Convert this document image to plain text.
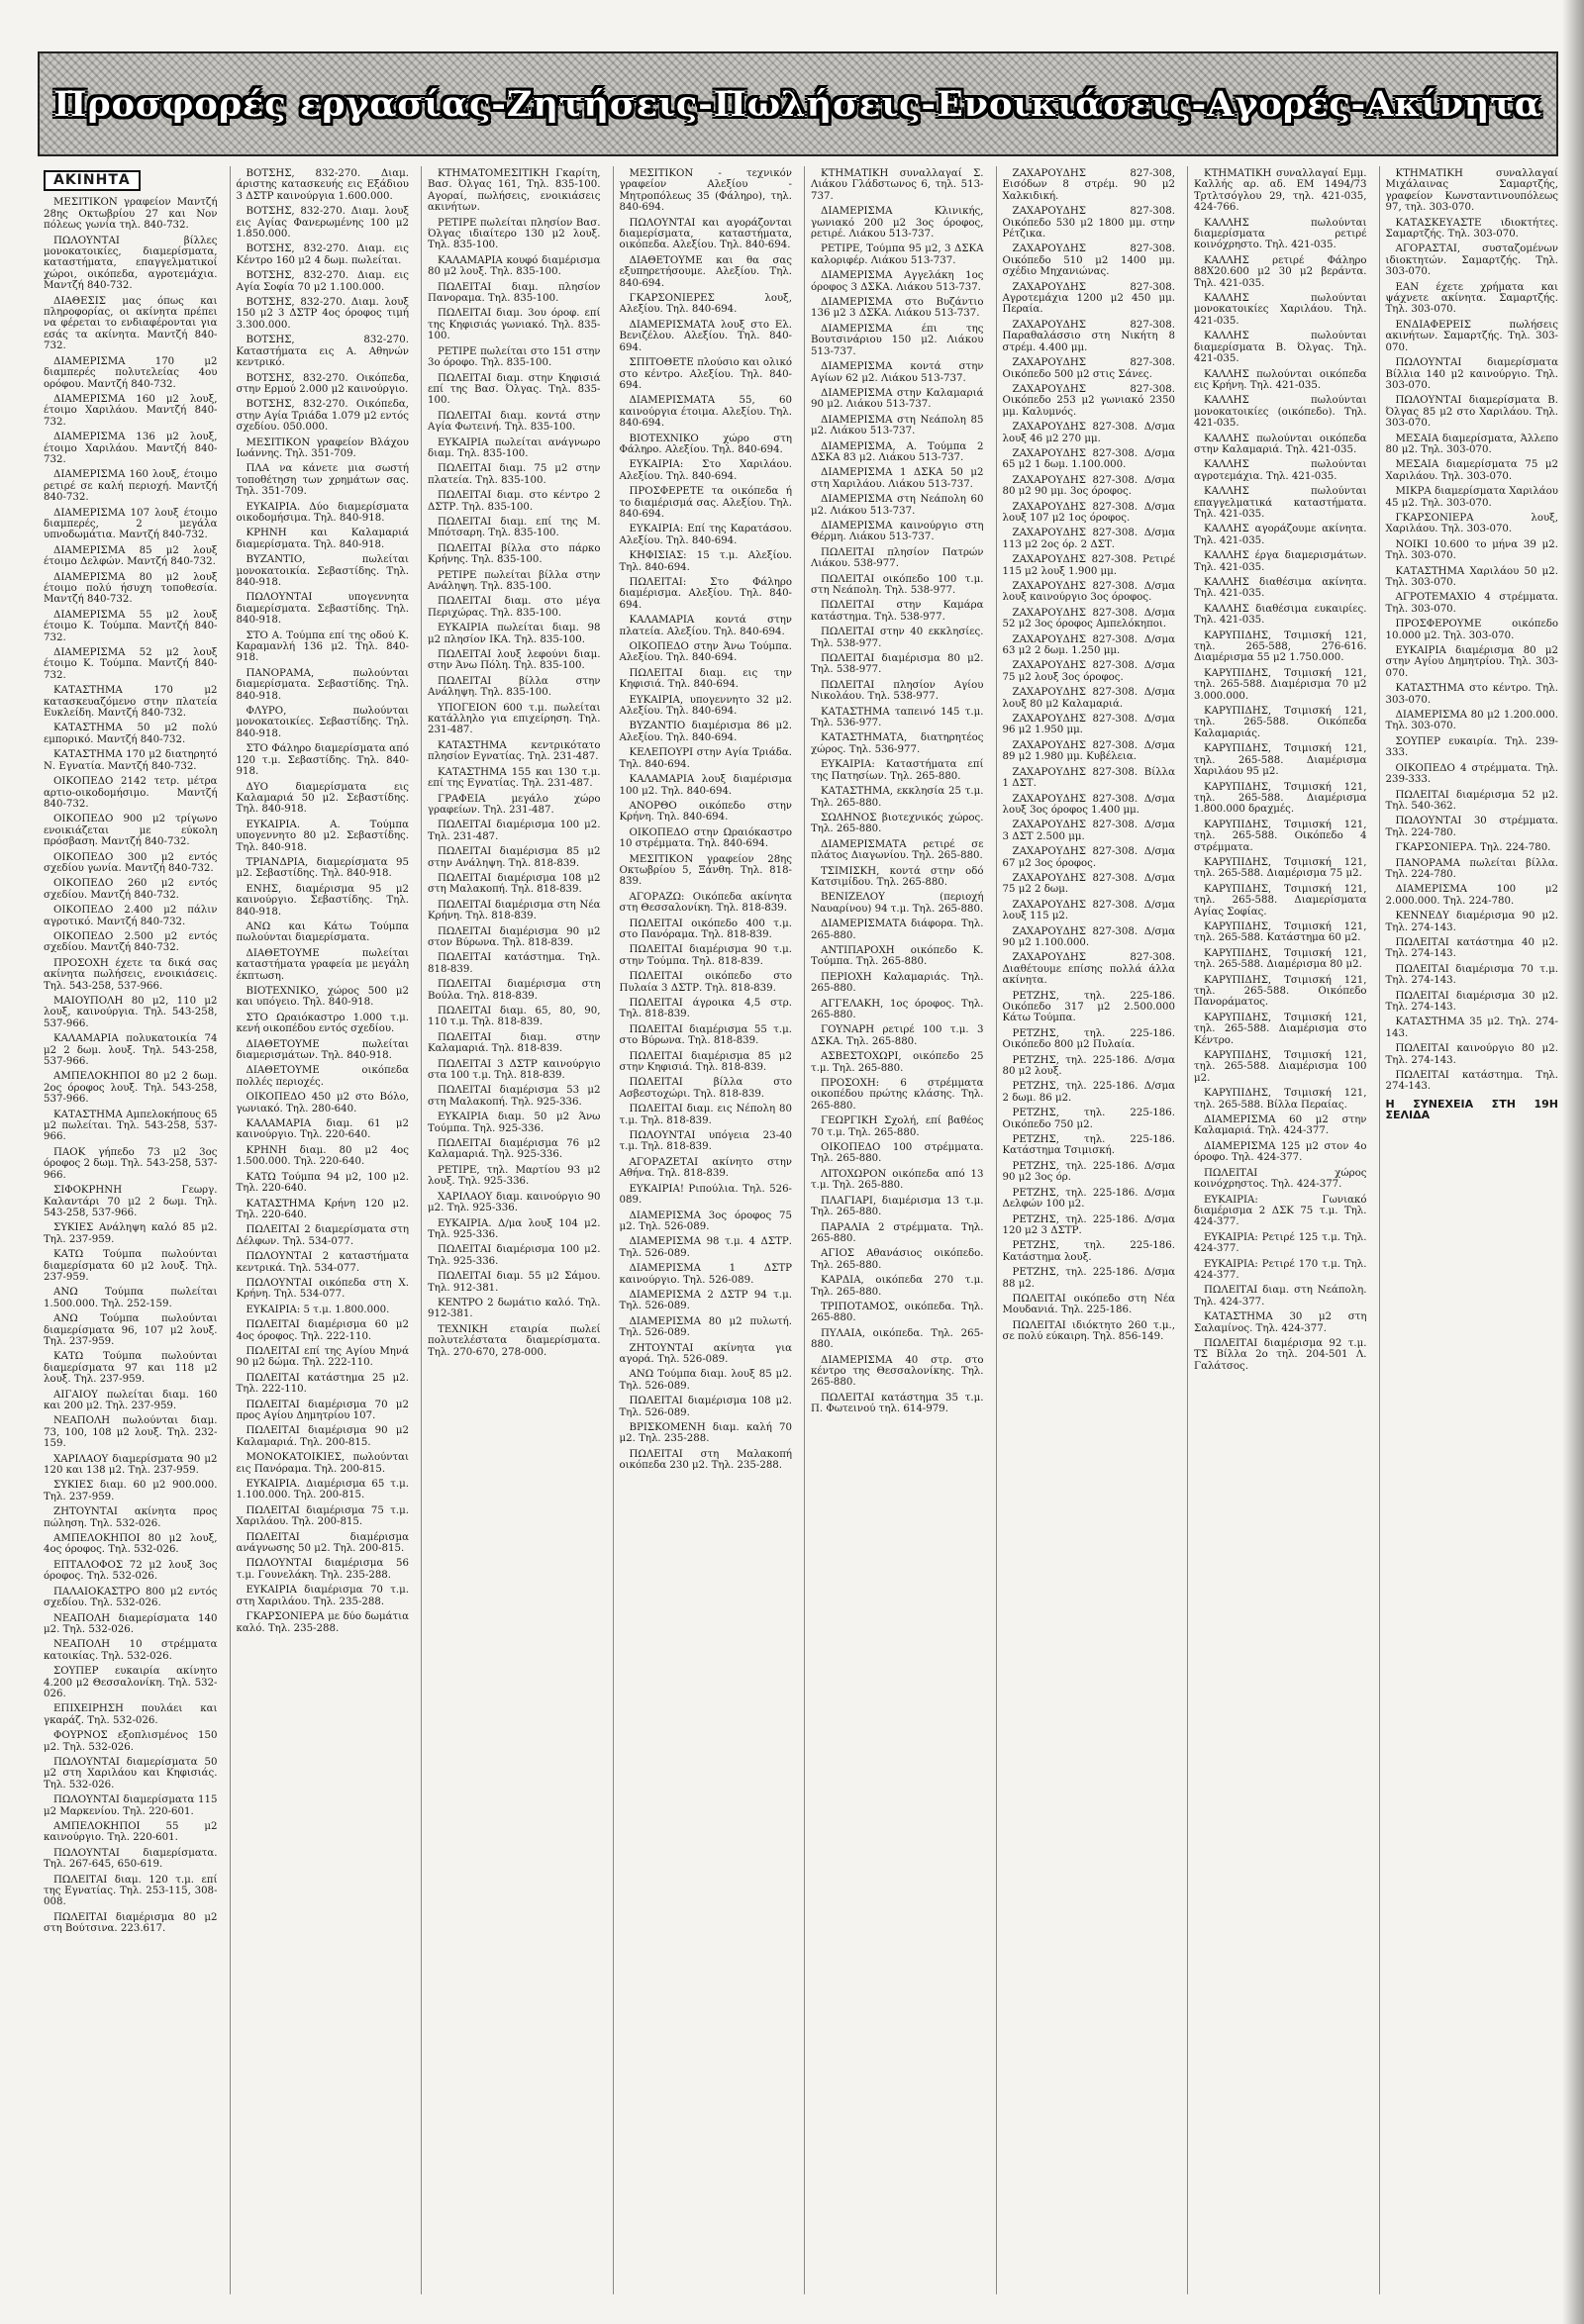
Προσφορές εργασίας-Ζητήσεις-Πωλήσεις-Ενοικιάσεις-Αγορές-Ακίνητα
ΑΚΙΝΗΤΑ

ΜΕΣΙΤΙΚΟΝ γραφείον Μαντζή 28ης Οκτωβρίου 27 και Νον πόλεως γωνία τηλ. 840-732.

ΠΩΛΟΥΝΤΑΙ βίλλες μονοκατοικίες, διαμερίσματα, καταστήματα, επαγγελματικοί χώροι, οικόπεδα, αγροτεμάχια. Μαντζή 840-732.

ΔΙΑΘΕΣΙΣ μας όπως και πληροφορίας, οι ακίνητα πρέπει να φέρεται το ενδιαφέρονται για εσάς τα ακίνητα. Μαντζή 840-732.

ΔΙΑΜΕΡΙΣΜΑ 170 μ2 διαμπερές πολυτελείας 4ου ορόφου. Μαντζή 840-732.

ΔΙΑΜΕΡΙΣΜΑ 160 μ2 λουξ, έτοιμο Χαριλάου. Μαντζή 840-732.

ΔΙΑΜΕΡΙΣΜΑ 136 μ2 λουξ, έτοιμο Χαριλάου. Μαντζή 840-732.

ΔΙΑΜΕΡΙΣΜΑ 160 λουξ, έτοιμο ρετιρέ σε καλή περιοχή. Μαντζή 840-732.

ΔΙΑΜΕΡΙΣΜΑ 107 λουξ έτοιμο διαμπερές, 2 μεγάλα υπνοδωμάτια. Μαντζή 840-732.

ΔΙΑΜΕΡΙΣΜΑ 85 μ2 λουξ έτοιμο Δελφών. Μαντζή 840-732.

ΔΙΑΜΕΡΙΣΜΑ 80 μ2 λουξ έτοιμο πολύ ήσυχη τοποθεσία. Μαντζή 840-732.

ΔΙΑΜΕΡΙΣΜΑ 55 μ2 λουξ έτοιμο Κ. Τούμπα. Μαντζή 840-732.

ΔΙΑΜΕΡΙΣΜΑ 52 μ2 λουξ έτοιμο Κ. Τούμπα. Μαντζή 840-732.

ΚΑΤΑΣΤΗΜΑ 170 μ2 κατασκευαζόμενο στην πλατεία Ευκλείδη. Μαντζή 840-732.

ΚΑΤΑΣΤΗΜΑ 50 μ2 πολύ εμπορικό. Μαντζή 840-732.

ΚΑΤΑΣΤΗΜΑ 170 μ2 διατηρητό Ν. Εγνατία. Μαντζή 840-732.

ΟΙΚΟΠΕΔΟ 2142 τετρ. μέτρα αρτιο-οικοδομήσιμο. Μαντζή 840-732.

ΟΙΚΟΠΕΔΟ 900 μ2 τρίγωνο ενοικιάζεται με εύκολη πρόσβαση. Μαντζή 840-732.

ΟΙΚΟΠΕΔΟ 300 μ2 εντός σχεδίου γωνία. Μαντζή 840-732.

ΟΙΚΟΠΕΔΟ 260 μ2 εντός σχεδίου. Μαντζή 840-732.

ΟΙΚΟΠΕΔΟ 2.400 μ2 πάλιν αγροτικό. Μαντζή 840-732.

ΟΙΚΟΠΕΔΟ 2.500 μ2 εντός σχεδίου. Μαντζή 840-732.

ΠΡΟΣΟΧΗ έχετε τα δικά σας ακίνητα πωλήσεις, ενοικιάσεις. Τηλ. 543-258, 537-966.

ΜΑΙΟΥΠΟΛΗ 80 μ2, 110 μ2 λουξ, καινούργια. Τηλ. 543-258, 537-966.

ΚΑΛΑΜΑΡΙΑ πολυκατοικία 74 μ2 2 δωμ. λουξ. Τηλ. 543-258, 537-966.

ΑΜΠΕΛΟΚΗΠΟΙ 80 μ2 2 δωμ. 2ος όροφος λουξ. Τηλ. 543-258, 537-966.

ΚΑΤΑΣΤΗΜΑ Αμπελοκήπους 65 μ2 πωλείται. Τηλ. 543-258, 537-966.

ΠΑΟΚ γήπεδο 73 μ2 3ος όροφος 2 δωμ. Τηλ. 543-258, 537-966.

ΣΙΦΟΚΡΗΝΗ Γεωργ. Καλαντάρι 70 μ2 2 δωμ. Τηλ. 543-258, 537-966.

ΣΥΚΙΕΣ Ανάληψη καλό 85 μ2. Τηλ. 237-959.

ΚΑΤΩ Τούμπα πωλούνται διαμερίσματα 60 μ2 λουξ. Τηλ. 237-959.

ΑΝΩ Τούμπα πωλείται 1.500.000. Τηλ. 252-159.

ΑΝΩ Τούμπα πωλούνται διαμερίσματα 96, 107 μ2 λουξ. Τηλ. 237-959.

ΚΑΤΩ Τούμπα πωλούνται διαμερίσματα 97 και 118 μ2 λουξ. Τηλ. 237-959.

ΑΙΓΑΙΟΥ πωλείται διαμ. 160 και 200 μ2. Τηλ. 237-959.

ΝΕΑΠΟΛΗ πωλούνται διαμ. 73, 100, 108 μ2 λουξ. Τηλ. 232-159.

ΧΑΡΙΛΑΟΥ διαμερίσματα 90 μ2 120 και 138 μ2. Τηλ. 237-959.

ΣΥΚΙΕΣ διαμ. 60 μ2 900.000. Τηλ. 237-959.

ΖΗΤΟΥΝΤΑΙ ακίνητα προς πώληση. Τηλ. 532-026.

ΑΜΠΕΛΟΚΗΠΟΙ 80 μ2 λουξ, 4ος όροφος. Τηλ. 532-026.

ΕΠΤΑΛΟΦΟΣ 72 μ2 λουξ 3ος όροφος. Τηλ. 532-026.

ΠΑΛΑΙΟΚΑΣΤΡΟ 800 μ2 εντός σχεδίου. Τηλ. 532-026.

ΝΕΑΠΟΛΗ διαμερίσματα 140 μ2. Τηλ. 532-026.

ΝΕΑΠΟΛΗ 10 στρέμματα κατοικίας. Τηλ. 532-026.

ΣΟΥΠΕΡ ευκαιρία ακίνητο 4.200 μ2 Θεσσαλονίκη. Τηλ. 532-026.

ΕΠΙΧΕΙΡΗΣΗ πουλάει και γκαράζ. Τηλ. 532-026.

ΦΟΥΡΝΟΣ εξοπλισμένος 150 μ2. Τηλ. 532-026.

ΠΩΛΟΥΝΤΑΙ διαμερίσματα 50 μ2 στη Χαριλάου και Κηφισιάς. Τηλ. 532-026.

ΠΩΛΟΥΝΤΑΙ διαμερίσματα 115 μ2 Μαρκενίου. Τηλ. 220-601.

ΑΜΠΕΛΟΚΗΠΟΙ 55 μ2 καινούργιο. Τηλ. 220-601.

ΠΩΛΟΥΝΤΑΙ διαμερίσματα. Τηλ. 267-645, 650-619.

ΠΩΛΕΙΤΑΙ διαμ. 120 τ.μ. επί της Εγνατίας. Τηλ. 253-115, 308-008.

ΠΩΛΕΙΤΑΙ διαμέρισμα 80 μ2 στη Βούτσινα. 223.617.

ΒΟΤΣΗΣ, 832-270. Διαμ. άριστης κατασκευής εις Εξάδιου 3 ΔΣΤΡ καινούργια 1.600.000.

ΒΟΤΣΗΣ, 832-270. Διαμ. λουξ εις Αγίας Φανερωμένης 100 μ2 1.850.000.

ΒΟΤΣΗΣ, 832-270. Διαμ. εις Κέντρο 160 μ2 4 δωμ. πωλείται.

ΒΟΤΣΗΣ, 832-270. Διαμ. εις Αγία Σοφία 70 μ2 1.100.000.

ΒΟΤΣΗΣ, 832-270. Διαμ. λουξ 150 μ2 3 ΔΣΤΡ 4ος όροφος τιμή 3.300.000.

ΒΟΤΣΗΣ, 832-270. Καταστήματα εις Α. Αθηνών κεντρικό.

ΒΟΤΣΗΣ, 832-270. Οικόπεδα, στην Ερμού 2.000 μ2 καινούργιο.

ΒΟΤΣΗΣ, 832-270. Οικόπεδα, στην Αγία Τριάδα 1.079 μ2 εντός σχεδίου. 050.000.

ΜΕΣΙΤΙΚΟΝ γραφείον Βλάχου Ιωάννης. Τηλ. 351-709.

ΠΛΑ να κάνετε μια σωστή τοποθέτηση των χρημάτων σας. Τηλ. 351-709.

ΕΥΚΑΙΡΙΑ. Δύο διαμερίσματα οικοδομήσιμα. Τηλ. 840-918.

ΚΡΗΝΗ και Καλαμαριά διαμερίσματα. Τηλ. 840-918.

ΒΥΖΑΝΤΙΟ, πωλείται μονοκατοικία. Σεβαστίδης. Τηλ. 840-918.

ΠΩΛΟΥΝΤΑΙ υπογεννητα διαμερίσματα. Σεβαστίδης. Τηλ. 840-918.

ΣΤΟ Α. Τούμπα επί της οδού Κ. Καραμανλή 136 μ2. Τηλ. 840-918.

ΠΑΝΟΡΑΜΑ, πωλούνται διαμερίσματα. Σεβαστίδης. Τηλ. 840-918.

ΦΛΥΡΟ, πωλούνται μονοκατοικίες. Σεβαστίδης. Τηλ. 840-918.

ΣΤΟ Φάληρο διαμερίσματα από 120 τ.μ. Σεβαστίδης. Τηλ. 840-918.

ΔΥΟ διαμερίσματα εις Καλαμαριά 50 μ2. Σεβαστίδης. Τηλ. 840-918.

ΕΥΚΑΙΡΙΑ. Α. Τούμπα υπογεννητο 80 μ2. Σεβαστίδης. Τηλ. 840-918.

ΤΡΙΑΝΔΡΙΑ, διαμερίσματα 95 μ2. Σεβαστίδης. Τηλ. 840-918.

ΕΝΗΣ, διαμέρισμα 95 μ2 καινούργιο. Σεβαστίδης. Τηλ. 840-918.

ΑΝΩ και Κάτω Τούμπα πωλούνται διαμερίσματα.

ΔΙΑΘΕΤΟΥΜΕ πωλείται καταστήματα γραφεία με μεγάλη έκπτωση.

ΒΙΟΤΕΧΝΙΚΟ, χώρος 500 μ2 και υπόγειο. Τηλ. 840-918.

ΣΤΟ Ωραιόκαστρο 1.000 τ.μ. κενή οικοπέδου εντός σχεδίου.

ΔΙΑΘΕΤΟΥΜΕ πωλείται διαμερισμάτων. Τηλ. 840-918.

ΔΙΑΘΕΤΟΥΜΕ οικόπεδα πολλές περιοχές.

ΟΙΚΟΠΕΔΟ 450 μ2 στο Βόλο, γωνιακό. Τηλ. 280-640.

ΚΑΛΑΜΑΡΙΑ διαμ. 61 μ2 καινούργιο. Τηλ. 220-640.

ΚΡΗΝΗ διαμ. 80 μ2 4ος 1.500.000. Τηλ. 220-640.

ΚΑΤΩ Τούμπα 94 μ2, 100 μ2. Τηλ. 220-640.

ΚΑΤΑΣΤΗΜΑ Κρήνη 120 μ2. Τηλ. 220-640.

ΠΩΛΕΙΤΑΙ 2 διαμερίσματα στη Δέλφων. Τηλ. 534-077.

ΠΩΛΟΥΝΤΑΙ 2 καταστήματα κεντρικά. Τηλ. 534-077.

ΠΩΛΟΥΝΤΑΙ οικόπεδα στη Χ. Κρήνη. Τηλ. 534-077.

ΕΥΚΑΙΡΙΑ: 5 τ.μ. 1.800.000.

ΠΩΛΕΙΤΑΙ διαμέρισμα 60 μ2 4ος όροφος. Τηλ. 222-110.

ΠΩΛΕΙΤΑΙ επί της Αγίου Μηνά 90 μ2 δώμα. Τηλ. 222-110.

ΠΩΛΕΙΤΑΙ κατάστημα 25 μ2. Τηλ. 222-110.

ΠΩΛΕΙΤΑΙ διαμέρισμα 70 μ2 προς Αγίου Δημητρίου 107.

ΠΩΛΕΙΤΑΙ διαμέρισμα 90 μ2 Καλαμαριά. Τηλ. 200-815.

ΜΟΝΟΚΑΤΟΙΚΙΕΣ, πωλούνται εις Πανόραμα. Τηλ. 200-815.

ΕΥΚΑΙΡΙΑ. Διαμέρισμα 65 τ.μ. 1.100.000. Τηλ. 200-815.

ΠΩΛΕΙΤΑΙ διαμέρισμα 75 τ.μ. Χαριλάου. Τηλ. 200-815.

ΠΩΛΕΙΤΑΙ διαμέρισμα ανάγνωσης 50 μ2. Τηλ. 200-815.

ΠΩΛΟΥΝΤΑΙ διαμέρισμα 56 τ.μ. Γουνελάκη. Τηλ. 235-288.

ΕΥΚΑΙΡΙΑ διαμέρισμα 70 τ.μ. στη Χαριλάου. Τηλ. 235-288.

ΓΚΑΡΣΟΝΙΕΡΑ με δύο δωμάτια καλό. Τηλ. 235-288.

ΚΤΗΜΑΤΟΜΕΣΙΤΙΚΗ Γκαρίτη, Βασ. Όλγας 161, Τηλ. 835-100. Αγοραί, πωλήσεις, ενοικιάσεις ακινήτων.

ΡΕΤΙΡΕ πωλείται πλησίον Βασ. Όλγας ιδιαίτερο 130 μ2 λουξ. Τηλ. 835-100.

ΚΑΛΑΜΑΡΙΑ κουφό διαμέρισμα 80 μ2 λουξ. Τηλ. 835-100.

ΠΩΛΕΙΤΑΙ διαμ. πλησίον Πανοραμα. Τηλ. 835-100.

ΠΩΛΕΙΤΑΙ διαμ. 3ου όροφ. επί της Κηφισιάς γωνιακό. Τηλ. 835-100.

ΡΕΤΙΡΕ πωλείται στο 151 στην 3ο όροφο. Τηλ. 835-100.

ΠΩΛΕΙΤΑΙ διαμ. στην Κηφισιά επί της Βασ. Όλγας. Τηλ. 835-100.

ΠΩΛΕΙΤΑΙ διαμ. κοντά στην Αγία Φωτεινή. Τηλ. 835-100.

ΕΥΚΑΙΡΙΑ πωλείται ανάγνωρο διαμ. Τηλ. 835-100.

ΠΩΛΕΙΤΑΙ διαμ. 75 μ2 στην πλατεία. Τηλ. 835-100.

ΠΩΛΕΙΤΑΙ διαμ. στο κέντρο 2 ΔΣΤΡ. Τηλ. 835-100.

ΠΩΛΕΙΤΑΙ διαμ. επί της Μ. Μπότσαρη. Τηλ. 835-100.

ΠΩΛΕΙΤΑΙ βίλλα στο πάρκο Κρήνης. Τηλ. 835-100.

ΡΕΤΙΡΕ πωλείται βίλλα στην Ανάληψη. Τηλ. 835-100.

ΠΩΛΕΙΤΑΙ διαμ. στο μέγα Περιχώρας. Τηλ. 835-100.

ΕΥΚΑΙΡΙΑ πωλείται διαμ. 98 μ2 πλησίον ΙΚΑ. Τηλ. 835-100.

ΠΩΛΕΙΤΑΙ λουξ λεφούνι διαμ. στην Άνω Πόλη. Τηλ. 835-100.

ΠΩΛΕΙΤΑΙ βίλλα στην Ανάληψη. Τηλ. 835-100.

ΥΠΟΓΕΙΟΝ 600 τ.μ. πωλείται κατάλληλο για επιχείρηση. Τηλ. 231-487.

ΚΑΤΑΣΤΗΜΑ κεντρικότατο πλησίον Εγνατίας. Τηλ. 231-487.

ΚΑΤΑΣΤΗΜΑ 155 και 130 τ.μ. επί της Εγνατίας. Τηλ. 231-487.

ΓΡΑΦΕΙΑ μεγάλο χώρο γραφείων. Τηλ. 231-487.

ΠΩΛΕΙΤΑΙ διαμέρισμα 100 μ2. Τηλ. 231-487.

ΠΩΛΕΙΤΑΙ διαμέρισμα 85 μ2 στην Ανάληψη. Τηλ. 818-839.

ΠΩΛΕΙΤΑΙ διαμέρισμα 108 μ2 στη Μαλακοπή. Τηλ. 818-839.

ΠΩΛΕΙΤΑΙ διαμέρισμα στη Νέα Κρήνη. Τηλ. 818-839.

ΠΩΛΕΙΤΑΙ διαμέρισμα 90 μ2 στον Βύρωνα. Τηλ. 818-839.

ΠΩΛΕΙΤΑΙ κατάστημα. Τηλ. 818-839.

ΠΩΛΕΙΤΑΙ διαμέρισμα στη Βούλα. Τηλ. 818-839.

ΠΩΛΕΙΤΑΙ διαμ. 65, 80, 90, 110 τ.μ. Τηλ. 818-839.

ΠΩΛΕΙΤΑΙ διαμ. στην Καλαμαριά. Τηλ. 818-839.

ΠΩΛΕΙΤΑΙ 3 ΔΣΤΡ καινούργιο στα 100 τ.μ. Τηλ. 818-839.

ΠΩΛΕΙΤΑΙ διαμέρισμα 53 μ2 στη Μαλακοπή. Τηλ. 925-336.

ΕΥΚΑΙΡΙΑ διαμ. 50 μ2 Άνω Τούμπα. Τηλ. 925-336.

ΠΩΛΕΙΤΑΙ διαμέρισμα 76 μ2 Καλαμαριά. Τηλ. 925-336.

ΡΕΤΙΡΕ, τηλ. Μαρτίου 93 μ2 λουξ. Τηλ. 925-336.

ΧΑΡΙΛΑΟΥ διαμ. καινούργιο 90 μ2. Τηλ. 925-336.

ΕΥΚΑΙΡΙΑ. Δ/μα λουξ 104 μ2. Τηλ. 925-336.

ΠΩΛΕΙΤΑΙ διαμέρισμα 100 μ2. Τηλ. 925-336.

ΠΩΛΕΙΤΑΙ διαμ. 55 μ2 Σάμου. Τηλ. 912-381.

ΚΕΝΤΡΟ 2 δωμάτιο καλό. Τηλ. 912-381.

ΤΕΧΝΙΚΗ εταιρία πωλεί πολυτελέστατα διαμερίσματα. Τηλ. 270-670, 278-000.

ΜΕΣΙΤΙΚΟΝ - τεχνικόν γραφείον Αλεξίου - Μητροπόλεως 35 (Φάληρο), τηλ. 840-694.

ΠΩΛΟΥΝΤΑΙ και αγοράζονται διαμερίσματα, καταστήματα, οικόπεδα. Αλεξίου. Τηλ. 840-694.

ΔΙΑΘΕΤΟΥΜΕ και θα σας εξυπηρετήσουμε. Αλεξίου. Τηλ. 840-694.

ΓΚΑΡΣΟΝΙΕΡΕΣ λουξ, Αλεξίου. Τηλ. 840-694.

ΔΙΑΜΕΡΙΣΜΑΤΑ λουξ στο Ελ. Βενιζέλου. Αλεξίου. Τηλ. 840-694.

ΣΠΙΤΟΘΕΤΕ πλούσιο και ολικό στο κέντρο. Αλεξίου. Τηλ. 840-694.

ΔΙΑΜΕΡΙΣΜΑΤΑ 55, 60 καινούργια έτοιμα. Αλεξίου. Τηλ. 840-694.

ΒΙΟΤΕΧΝΙΚΟ χώρο στη Φάληρο. Αλεξίου. Τηλ. 840-694.

ΕΥΚΑΙΡΙΑ: Στο Χαριλάου. Αλεξίου. Τηλ. 840-694.

ΠΡΟΣΦΕΡΕΤΕ τα οικόπεδα ή το διαμέρισμά σας. Αλεξίου. Τηλ. 840-694.

ΕΥΚΑΙΡΙΑ: Επί της Καρατάσου. Αλεξίου. Τηλ. 840-694.

ΚΗΦΙΣΙΑΣ: 15 τ.μ. Αλεξίου. Τηλ. 840-694.

ΠΩΛΕΙΤΑΙ: Στο Φάληρο διαμέρισμα. Αλεξίου. Τηλ. 840-694.

ΚΑΛΑΜΑΡΙΑ κοντά στην πλατεία. Αλεξίου. Τηλ. 840-694.

ΟΙΚΟΠΕΔΟ στην Άνω Τούμπα. Αλεξίου. Τηλ. 840-694.

ΠΩΛΕΙΤΑΙ διαμ. εις την Κηφισιά. Τηλ. 840-694.

ΕΥΚΑΙΡΙΑ, υπογεννητο 32 μ2. Αλεξίου. Τηλ. 840-694.

ΒΥΖΑΝΤΙΟ διαμέρισμα 86 μ2. Αλεξίου. Τηλ. 840-694.

ΚΕΛΕΠΟΥΡΙ στην Αγία Τριάδα. Τηλ. 840-694.

ΚΑΛΑΜΑΡΙΑ λουξ διαμέρισμα 100 μ2. Τηλ. 840-694.

ΑΝΟΡΘΟ οικόπεδο στην Κρήνη. Τηλ. 840-694.

ΟΙΚΟΠΕΔΟ στην Ωραιόκαστρο 10 στρέμματα. Τηλ. 840-694.

ΜΕΣΙΤΙΚΟΝ γραφείον 28ης Οκτωβρίου 5, Ξάνθη. Τηλ. 818-839.

ΑΓΟΡΑΖΩ: Οικόπεδα ακίνητα στη Θεσσαλονίκη. Τηλ. 818-839.

ΠΩΛΕΙΤΑΙ οικόπεδο 400 τ.μ. στο Πανόραμα. Τηλ. 818-839.

ΠΩΛΕΙΤΑΙ διαμέρισμα 90 τ.μ. στην Τούμπα. Τηλ. 818-839.

ΠΩΛΕΙΤΑΙ οικόπεδο στο Πυλαία 3 ΔΣΤΡ. Τηλ. 818-839.

ΠΩΛΕΙΤΑΙ άγροικα 4,5 στρ. Τηλ. 818-839.

ΠΩΛΕΙΤΑΙ διαμέρισμα 55 τ.μ. στο Βύρωνα. Τηλ. 818-839.

ΠΩΛΕΙΤΑΙ διαμέρισμα 85 μ2 στην Κηφισιά. Τηλ. 818-839.

ΠΩΛΕΙΤΑΙ βίλλα στο Ασβεστοχώρι. Τηλ. 818-839.

ΠΩΛΕΙΤΑΙ διαμ. εις Νέπολη 80 τ.μ. Τηλ. 818-839.

ΠΩΛΟΥΝΤΑΙ υπόγεια 23-40 τ.μ. Τηλ. 818-839.

ΑΓΟΡΑΖΕΤΑΙ ακίνητο στην Αθήνα. Τηλ. 818-839.

ΕΥΚΑΙΡΙΑ! Ριπούλια. Τηλ. 526-089.

ΔΙΑΜΕΡΙΣΜΑ 3ος όροφος 75 μ2. Τηλ. 526-089.

ΔΙΑΜΕΡΙΣΜΑ 98 τ.μ. 4 ΔΣΤΡ. Τηλ. 526-089.

ΔΙΑΜΕΡΙΣΜΑ 1 ΔΣΤΡ καινούργιο. Τηλ. 526-089.

ΔΙΑΜΕΡΙΣΜΑ 2 ΔΣΤΡ 94 τ.μ. Τηλ. 526-089.

ΔΙΑΜΕΡΙΣΜΑ 80 μ2 πυλωτή. Τηλ. 526-089.

ΖΗΤΟΥΝΤΑΙ ακίνητα για αγορά. Τηλ. 526-089.

ΑΝΩ Τούμπα διαμ. λουξ 85 μ2. Τηλ. 526-089.

ΠΩΛΕΙΤΑΙ διαμέρισμα 108 μ2. Τηλ. 526-089.

ΒΡΙΣΚΟΜΕΝΗ διαμ. καλή 70 μ2. Τηλ. 235-288.

ΠΩΛΕΙΤΑΙ στη Μαλακοπή οικόπεδα 230 μ2. Τηλ. 235-288.

ΚΤΗΜΑΤΙΚΗ συναλλαγαί Σ. Λιάκου Γλάδστωνος 6, τηλ. 513-737.

ΔΙΑΜΕΡΙΣΜΑ Κλινικής, γωνιακό 200 μ2 3ος όροφος, ρετιρέ. Λιάκου 513-737.

ΡΕΤΙΡΕ, Τούμπα 95 μ2, 3 ΔΣΚΑ καλοριφέρ. Λιάκου 513-737.

ΔΙΑΜΕΡΙΣΜΑ Αγγελάκη 1ος όροφος 3 ΔΣΚΑ. Λιάκου 513-737.

ΔΙΑΜΕΡΙΣΜΑ στο Βυζάντιο 136 μ2 3 ΔΣΚΑ. Λιάκου 513-737.

ΔΙΑΜΕΡΙΣΜΑ έπι της Βουτσινάριου 150 μ2. Λιάκου 513-737.

ΔΙΑΜΕΡΙΣΜΑ κοντά στην Αγίων 62 μ2. Λιάκου 513-737.

ΔΙΑΜΕΡΙΣΜΑ στην Καλαμαριά 90 μ2. Λιάκου 513-737.

ΔΙΑΜΕΡΙΣΜΑ στη Νεάπολη 85 μ2. Λιάκου 513-737.

ΔΙΑΜΕΡΙΣΜΑ, Α. Τούμπα 2 ΔΣΚΑ 83 μ2. Λιάκου 513-737.

ΔΙΑΜΕΡΙΣΜΑ 1 ΔΣΚΑ 50 μ2 στη Χαριλάου. Λιάκου 513-737.

ΔΙΑΜΕΡΙΣΜΑ στη Νεάπολη 60 μ2. Λιάκου 513-737.

ΔΙΑΜΕΡΙΣΜΑ καινούργιο στη Θέρμη. Λιάκου 513-737.

ΠΩΛΕΙΤΑΙ πλησίον Πατρών Λιάκου. 538-977.

ΠΩΛΕΙΤΑΙ οικόπεδο 100 τ.μ. στη Νεάπολη. Τηλ. 538-977.

ΠΩΛΕΙΤΑΙ στην Καμάρα κατάστημα. Τηλ. 538-977.

ΠΩΛΕΙΤΑΙ στην 40 εκκλησίες. Τηλ. 538-977.

ΠΩΛΕΙΤΑΙ διαμέρισμα 80 μ2. Τηλ. 538-977.

ΠΩΛΕΙΤΑΙ πλησίον Αγίου Νικολάου. Τηλ. 538-977.

ΚΑΤΑΣΤΗΜΑ ταπεινό 145 τ.μ. Τηλ. 536-977.

ΚΑΤΑΣΤΗΜΑΤΑ, διατηρητέος χώρος. Τηλ. 536-977.

ΕΥΚΑΙΡΙΑ: Καταστήματα επί της Πατησίων. Τηλ. 265-880.

ΚΑΤΑΣΤΗΜΑ, εκκλησία 25 τ.μ. Τηλ. 265-880.

ΣΩΛΗΝΟΣ βιοτεχνικός χώρος. Τηλ. 265-880.

ΔΙΑΜΕΡΙΣΜΑΤΑ ρετιρέ σε πλάτος Διαγωνίου. Τηλ. 265-880.

ΤΣΙΜΙΣΚΗ, κοντά στην οδό Κατσιμίδου. Τηλ. 265-880.

ΒΕΝΙΖΕΛΟΥ (περιοχή Ναυαρίνου) 94 τ.μ. Τηλ. 265-880.

ΔΙΑΜΕΡΙΣΜΑΤΑ διάφορα. Τηλ. 265-880.

ΑΝΤΙΠΑΡΟΧΗ οικόπεδο Κ. Τούμπα. Τηλ. 265-880.

ΠΕΡΙΟΧΗ Καλαμαριάς. Τηλ. 265-880.

ΑΓΓΕΛΑΚΗ, 1ος όροφος. Τηλ. 265-880.

ΓΟΥΝΑΡΗ ρετιρέ 100 τ.μ. 3 ΔΣΚΑ. Τηλ. 265-880.

ΑΣΒΕΣΤΟΧΩΡΙ, οικόπεδο 25 τ.μ. Τηλ. 265-880.

ΠΡΟΣΟΧΗ: 6 στρέμματα οικοπέδου πρώτης κλάσης. Τηλ. 265-880.

ΓΕΩΡΓΙΚΗ Σχολή, επί βαθέος 70 τ.μ. Τηλ. 265-880.

ΟΙΚΟΠΕΔΟ 100 στρέμματα. Τηλ. 265-880.

ΛΙΤΟΧΩΡΟΝ οικόπεδα από 13 τ.μ. Τηλ. 265-880.

ΠΛΑΓΙΑΡΙ, διαμέρισμα 13 τ.μ. Τηλ. 265-880.

ΠΑΡΑΛΙΑ 2 στρέμματα. Τηλ. 265-880.

ΑΓΙΟΣ Αθανάσιος οικόπεδο. Τηλ. 265-880.

ΚΑΡΔΙΑ, οικόπεδα 270 τ.μ. Τηλ. 265-880.

ΤΡΙΠΟΤΑΜΟΣ, οικόπεδα. Τηλ. 265-880.

ΠΥΛΑΙΑ, οικόπεδα. Τηλ. 265-880.

ΔΙΑΜΕΡΙΣΜΑ 40 στρ. στο κέντρο της Θεσσαλονίκης. Τηλ. 265-880.

ΠΩΛΕΙΤΑΙ κατάστημα 35 τ.μ. Π. Φωτεινού τηλ. 614-979.

ΖΑΧΑΡΟΥΔΗΣ 827-308, Εισόδων 8 στρέμ. 90 μ2 Χαλκιδική.

ΖΑΧΑΡΟΥΔΗΣ 827-308. Οικόπεδο 530 μ2 1800 μμ. στην Ρέτζικα.

ΖΑΧΑΡΟΥΔΗΣ 827-308. Οικόπεδο 510 μ2 1400 μμ. σχέδιο Μηχανιώνας.

ΖΑΧΑΡΟΥΔΗΣ 827-308. Αγροτεμάχια 1200 μ2 450 μμ. Περαία.

ΖΑΧΑΡΟΥΔΗΣ 827-308. Παραθαλάσσιο στη Νικήτη 8 στρέμ. 4.400 μμ.

ΖΑΧΑΡΟΥΔΗΣ 827-308. Οικόπεδο 500 μ2 στις Σάνες.

ΖΑΧΑΡΟΥΔΗΣ 827-308. Οικόπεδο 253 μ2 γωνιακό 2350 μμ. Καλυμνός.

ΖΑΧΑΡΟΥΔΗΣ 827-308. Δ/σμα λουξ 46 μ2 270 μμ.

ΖΑΧΑΡΟΥΔΗΣ 827-308. Δ/σμα 65 μ2 1 δωμ. 1.100.000.

ΖΑΧΑΡΟΥΔΗΣ 827-308. Δ/σμα 80 μ2 90 μμ. 3ος όροφος.

ΖΑΧΑΡΟΥΔΗΣ 827-308. Δ/σμα λουξ 107 μ2 1ος όροφος.

ΖΑΧΑΡΟΥΔΗΣ 827-308. Δ/σμα 113 μ2 2ος όρ. 2 ΔΣΤ.

ΖΑΧΑΡΟΥΔΗΣ 827-308. Ρετιρέ 115 μ2 λουξ 1.900 μμ.

ΖΑΧΑΡΟΥΔΗΣ 827-308. Δ/σμα λουξ καινούργιο 3ος όροφος.

ΖΑΧΑΡΟΥΔΗΣ 827-308. Δ/σμα 52 μ2 3ος όροφος Αμπελόκηποι.

ΖΑΧΑΡΟΥΔΗΣ 827-308. Δ/σμα 63 μ2 2 δωμ. 1.250 μμ.

ΖΑΧΑΡΟΥΔΗΣ 827-308. Δ/σμα 75 μ2 λουξ 3ος όροφος.

ΖΑΧΑΡΟΥΔΗΣ 827-308. Δ/σμα λουξ 80 μ2 Καλαμαριά.

ΖΑΧΑΡΟΥΔΗΣ 827-308. Δ/σμα 96 μ2 1.950 μμ.

ΖΑΧΑΡΟΥΔΗΣ 827-308. Δ/σμα 89 μ2 1.980 μμ. Κυβέλεια.

ΖΑΧΑΡΟΥΔΗΣ 827-308. Βίλλα 1 ΔΣΤ.

ΖΑΧΑΡΟΥΔΗΣ 827-308. Δ/σμα λουξ 3ος όροφος 1.400 μμ.

ΖΑΧΑΡΟΥΔΗΣ 827-308. Δ/σμα 3 ΔΣΤ 2.500 μμ.

ΖΑΧΑΡΟΥΔΗΣ 827-308. Δ/σμα 67 μ2 3ος όροφος.

ΖΑΧΑΡΟΥΔΗΣ 827-308. Δ/σμα 75 μ2 2 δωμ.

ΖΑΧΑΡΟΥΔΗΣ 827-308. Δ/σμα λουξ 115 μ2.

ΖΑΧΑΡΟΥΔΗΣ 827-308. Δ/σμα 90 μ2 1.100.000.

ΖΑΧΑΡΟΥΔΗΣ 827-308. Διαθέτουμε επίσης πολλά άλλα ακίνητα.

ΡΕΤΖΗΣ, τηλ. 225-186. Οικόπεδο 317 μ2 2.500.000 Κάτω Τούμπα.

ΡΕΤΖΗΣ, τηλ. 225-186. Οικόπεδο 800 μ2 Πυλαία.

ΡΕΤΖΗΣ, τηλ. 225-186. Δ/σμα 80 μ2 λουξ.

ΡΕΤΖΗΣ, τηλ. 225-186. Δ/σμα 2 δωμ. 86 μ2.

ΡΕΤΖΗΣ, τηλ. 225-186. Οικόπεδο 750 μ2.

ΡΕΤΖΗΣ, τηλ. 225-186. Κατάστημα Τσιμισκή.

ΡΕΤΖΗΣ, τηλ. 225-186. Δ/σμα 90 μ2 3ος όρ.

ΡΕΤΖΗΣ, τηλ. 225-186. Δ/σμα Δελφών 100 μ2.

ΡΕΤΖΗΣ, τηλ. 225-186. Δ/σμα 120 μ2 3 ΔΣΤΡ.

ΡΕΤΖΗΣ, τηλ. 225-186. Κατάστημα λουξ.

ΡΕΤΖΗΣ, τηλ. 225-186. Δ/σμα 88 μ2.

ΠΩΛΕΙΤΑΙ οικόπεδο στη Νέα Μουδανιά. Τηλ. 225-186.

ΠΩΛΕΙΤΑΙ ιδιόκτητο 260 τ.μ., σε πολύ εύκαιρη. Τηλ. 856-149.

ΚΤΗΜΑΤΙΚΗ συναλλαγαί Εμμ. Καλλής αρ. αδ. ΕΜ 1494/73 Τρτλτσόγλου 29, τηλ. 421-035, 424-766.

ΚΑΛΛΗΣ πωλούνται διαμερίσματα ρετιρέ κοινόχρηστο. Τηλ. 421-035.

ΚΑΛΛΗΣ ρετιρέ Φάληρο 88Χ20.600 μ2 30 μ2 βεράντα. Τηλ. 421-035.

ΚΑΛΛΗΣ πωλούνται μονοκατοικίες Χαριλάου. Τηλ. 421-035.

ΚΑΛΛΗΣ πωλούνται διαμερίσματα Β. Όλγας. Τηλ. 421-035.

ΚΑΛΛΗΣ πωλούνται οικόπεδα εις Κρήνη. Τηλ. 421-035.

ΚΑΛΛΗΣ πωλούνται μονοκατοικίες (οικόπεδο). Τηλ. 421-035.

ΚΑΛΛΗΣ πωλούνται οικόπεδα στην Καλαμαριά. Τηλ. 421-035.

ΚΑΛΛΗΣ πωλούνται αγροτεμάχια. Τηλ. 421-035.

ΚΑΛΛΗΣ πωλούνται επαγγελματικά καταστήματα. Τηλ. 421-035.

ΚΑΛΛΗΣ αγοράζουμε ακίνητα. Τηλ. 421-035.

ΚΑΛΛΗΣ έργα διαμερισμάτων. Τηλ. 421-035.

ΚΑΛΛΗΣ διαθέσιμα ακίνητα. Τηλ. 421-035.

ΚΑΛΛΗΣ διαθέσιμα ευκαιρίες. Τηλ. 421-035.

ΚΑΡΥΠΙΔΗΣ, Τσιμισκή 121, τηλ. 265-588, 276-616. Διαμέρισμα 55 μ2 1.750.000.

ΚΑΡΥΠΙΔΗΣ, Τσιμισκή 121, τηλ. 265-588. Διαμέρισμα 70 μ2 3.000.000.

ΚΑΡΥΠΙΔΗΣ, Τσιμισκή 121, τηλ. 265-588. Οικόπεδα Καλαμαριάς.

ΚΑΡΥΠΙΔΗΣ, Τσιμισκή 121, τηλ. 265-588. Διαμέρισμα Χαριλάου 95 μ2.

ΚΑΡΥΠΙΔΗΣ, Τσιμισκή 121, τηλ. 265-588. Διαμέρισμα 1.800.000 δραχμές.

ΚΑΡΥΠΙΔΗΣ, Τσιμισκή 121, τηλ. 265-588. Οικόπεδο 4 στρέμματα.

ΚΑΡΥΠΙΔΗΣ, Τσιμισκή 121, τηλ. 265-588. Διαμέρισμα 75 μ2.

ΚΑΡΥΠΙΔΗΣ, Τσιμισκή 121, τηλ. 265-588. Διαμερίσματα Αγίας Σοφίας.

ΚΑΡΥΠΙΔΗΣ, Τσιμισκή 121, τηλ. 265-588. Κατάστημα 60 μ2.

ΚΑΡΥΠΙΔΗΣ, Τσιμισκή 121, τηλ. 265-588. Διαμέρισμα 80 μ2.

ΚΑΡΥΠΙΔΗΣ, Τσιμισκή 121, τηλ. 265-588. Οικόπεδο Πανοράματος.

ΚΑΡΥΠΙΔΗΣ, Τσιμισκή 121, τηλ. 265-588. Διαμέρισμα στο Κέντρο.

ΚΑΡΥΠΙΔΗΣ, Τσιμισκή 121, τηλ. 265-588. Διαμέρισμα 100 μ2.

ΚΑΡΥΠΙΔΗΣ, Τσιμισκή 121, τηλ. 265-588. Βίλλα Περαίας.

ΔΙΑΜΕΡΙΣΜΑ 60 μ2 στην Καλαμαριά. Τηλ. 424-377.

ΔΙΑΜΕΡΙΣΜΑ 125 μ2 στον 4ο όροφο. Τηλ. 424-377.

ΠΩΛΕΙΤΑΙ χώρος κοινόχρηστος. Τηλ. 424-377.

ΕΥΚΑΙΡΙΑ: Γωνιακό διαμέρισμα 2 ΔΣΚ 75 τ.μ. Τηλ. 424-377.

ΕΥΚΑΙΡΙΑ: Ρετιρέ 125 τ.μ. Τηλ. 424-377.

ΕΥΚΑΙΡΙΑ: Ρετιρέ 170 τ.μ. Τηλ. 424-377.

ΠΩΛΕΙΤΑΙ διαμ. στη Νεάπολη. Τηλ. 424-377.

ΚΑΤΑΣΤΗΜΑ 30 μ2 στη Σαλαμίνος. Τηλ. 424-377.

ΠΩΛΕΙΤΑΙ διαμέρισμα 92 τ.μ. ΤΣ Βίλλα 2ο τηλ. 204-501 Λ. Γαλάτσος.

ΚΤΗΜΑΤΙΚΗ συναλλαγαί Μιχάλαινας Σαμαρτζής, γραφείον Κωνσταντινουπόλεως 97, τηλ. 303-070.

ΚΑΤΑΣΚΕΥΑΣΤΕ ιδιοκτήτες. Σαμαρτζής. Τηλ. 303-070.

ΑΓΟΡΑΣΤΑΙ, συσταζομένων ιδιοκτητών. Σαμαρτζής. Τηλ. 303-070.

ΕΑΝ έχετε χρήματα και ψάχνετε ακίνητα. Σαμαρτζής. Τηλ. 303-070.

ΕΝΔΙΑΦΕΡΕΙΣ πωλήσεις ακινήτων. Σαμαρτζής. Τηλ. 303-070.

ΠΩΛΟΥΝΤΑΙ διαμερίσματα Βίλλια 140 μ2 καινούργιο. Τηλ. 303-070.

ΠΩΛΟΥΝΤΑΙ διαμερίσματα Β. Όλγας 85 μ2 στο Χαριλάου. Τηλ. 303-070.

ΜΕΣΑΙΑ διαμερίσματα, Άλλεπο 80 μ2. Τηλ. 303-070.

ΜΕΣΑΙΑ διαμερίσματα 75 μ2 Χαριλάου. Τηλ. 303-070.

ΜΙΚΡΑ διαμερίσματα Χαριλάου 45 μ2. Τηλ. 303-070.

ΓΚΑΡΣΟΝΙΕΡΑ λουξ, Χαριλάου. Τηλ. 303-070.

ΝΟΙΚΙ 10.600 το μήνα 39 μ2. Τηλ. 303-070.

ΚΑΤΑΣΤΗΜΑ Χαριλάου 50 μ2. Τηλ. 303-070.

ΑΓΡΟΤΕΜΑΧΙΟ 4 στρέμματα. Τηλ. 303-070.

ΠΡΟΣΦΕΡΟΥΜΕ οικόπεδο 10.000 μ2. Τηλ. 303-070.

ΕΥΚΑΙΡΙΑ διαμέρισμα 80 μ2 στην Αγίου Δημητρίου. Τηλ. 303-070.

ΚΑΤΑΣΤΗΜΑ στο κέντρο. Τηλ. 303-070.

ΔΙΑΜΕΡΙΣΜΑ 80 μ2 1.200.000. Τηλ. 303-070.

ΣΟΥΠΕΡ ευκαιρία. Τηλ. 239-333.

ΟΙΚΟΠΕΔΟ 4 στρέμματα. Τηλ. 239-333.

ΠΩΛΕΙΤΑΙ διαμέρισμα 52 μ2. Τηλ. 540-362.

ΠΩΛΟΥΝΤΑΙ 30 στρέμματα. Τηλ. 224-780.

ΓΚΑΡΣΟΝΙΕΡΑ. Τηλ. 224-780.

ΠΑΝΟΡΑΜΑ πωλείται βίλλα. Τηλ. 224-780.

ΔΙΑΜΕΡΙΣΜΑ 100 μ2 2.000.000. Τηλ. 224-780.

ΚΕΝΝΕΔΥ διαμέρισμα 90 μ2. Τηλ. 274-143.

ΠΩΛΕΙΤΑΙ κατάστημα 40 μ2. Τηλ. 274-143.

ΠΩΛΕΙΤΑΙ διαμέρισμα 70 τ.μ. Τηλ. 274-143.

ΠΩΛΕΙΤΑΙ διαμέρισμα 30 μ2. Τηλ. 274-143.

ΚΑΤΑΣΤΗΜΑ 35 μ2. Τηλ. 274-143.

ΠΩΛΕΙΤΑΙ καινούργιο 80 μ2. Τηλ. 274-143.

ΠΩΛΕΙΤΑΙ κατάστημα. Τηλ. 274-143.

Η ΣΥΝΕΧΕΙΑ ΣΤΗ 19Η ΣΕΛΙΔΑ
